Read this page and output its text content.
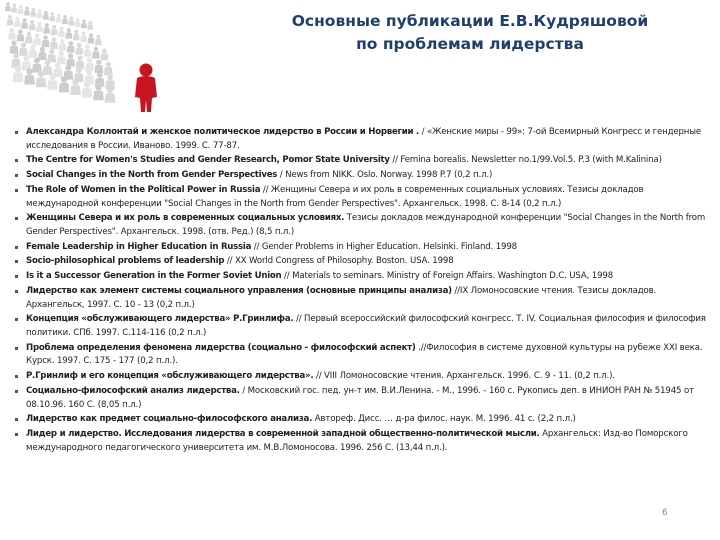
Основные публикации Е.В.Кудряшовой
по проблемам лидерства
Александра Коллонтай и женское политическое лидерство в России и Норвегии . / «Женские миры - 99»: 7-ой Всемирный Конгресс и гендерные исследования в России. Иваново. 1999. С. 77-87.
The Centre for Women's Studies and Gender Research, Pomor State University // Femina borealis. Newsletter no.1/99.Vol.5. P.3 (with M.Kalinina)
Social Changes in the North from Gender Perspectives / News from NIKK. Oslo. Norway. 1998 P.7 (0,2 п.л.)
The Role of Women in the Political Power in Russia // Женщины Севера и их роль в современных социальных условиях. Тезисы докладов международной конференции "Social Changes in the North from Gender Perspectives". Архангельск. 1998. С. 8-14 (0,2 п.л.)
Женщины Севера и их роль в современных социальных условиях. Тезисы докладов международной конференции "Social Changes in the North from Gender Perspectives". Архангельск. 1998. (отв. Ред.) (8,5 п.л.)
Female Leadership in Higher Education in Russia // Gender Problems in Higher Education. Helsinki. Finland. 1998
Socio-philosophical problems of leadership // XX World Congress of Philosophy. Boston. USA. 1998
Is it a Successor Generation in the Former Soviet Union // Materials to seminars. Ministry of Foreign Affairs. Washington D.C. USA, 1998
Лидерство как элемент системы социального управления (основные принципы анализа) //IX Ломоносовские чтения. Тезисы докладов. Архангельск, 1997. С. 10 - 13 (0,2 п.л.)
Концепция «обслуживающего лидерства» Р.Гринлифа. // Первый всероссийский философский конгресс. Т. IV. Социальная философия и философия политики. СПб. 1997. С.114-116 (0,2 п.л.)
Проблема определения феномена лидерства (социально - философский аспект) .//Философия в системе духовной культуры на рубеже XXI века. Курск. 1997. С. 175 - 177 (0,2 п.л.).
Р.Гринлиф и его концепция «обслуживающего лидерства». // VIII Ломоносовские чтения. Архангельск. 1996. С. 9 - 11. (0,2 п.л.).
Социально-философский анализ лидерства. / Московский гос. пед. ун-т им. В.И.Ленина. - М., 1996. - 160 с. Рукопись деп. в ИНИОН РАН № 51945 от 08.10.96. 160 С. (8,05 п.л.)
Лидерство как предмет социально-философского анализа. Автореф. Дисс. … д-ра филос. наук. М. 1996. 41 с. (2,2 п.л.)
Лидер и лидерство. Исследования лидерства в современной западной общественно-политической мысли. Архангельск: Изд-во Поморского международного педагогического университета им. М.В.Ломоносова. 1996. 256 С. (13,44 п.л.).
6
